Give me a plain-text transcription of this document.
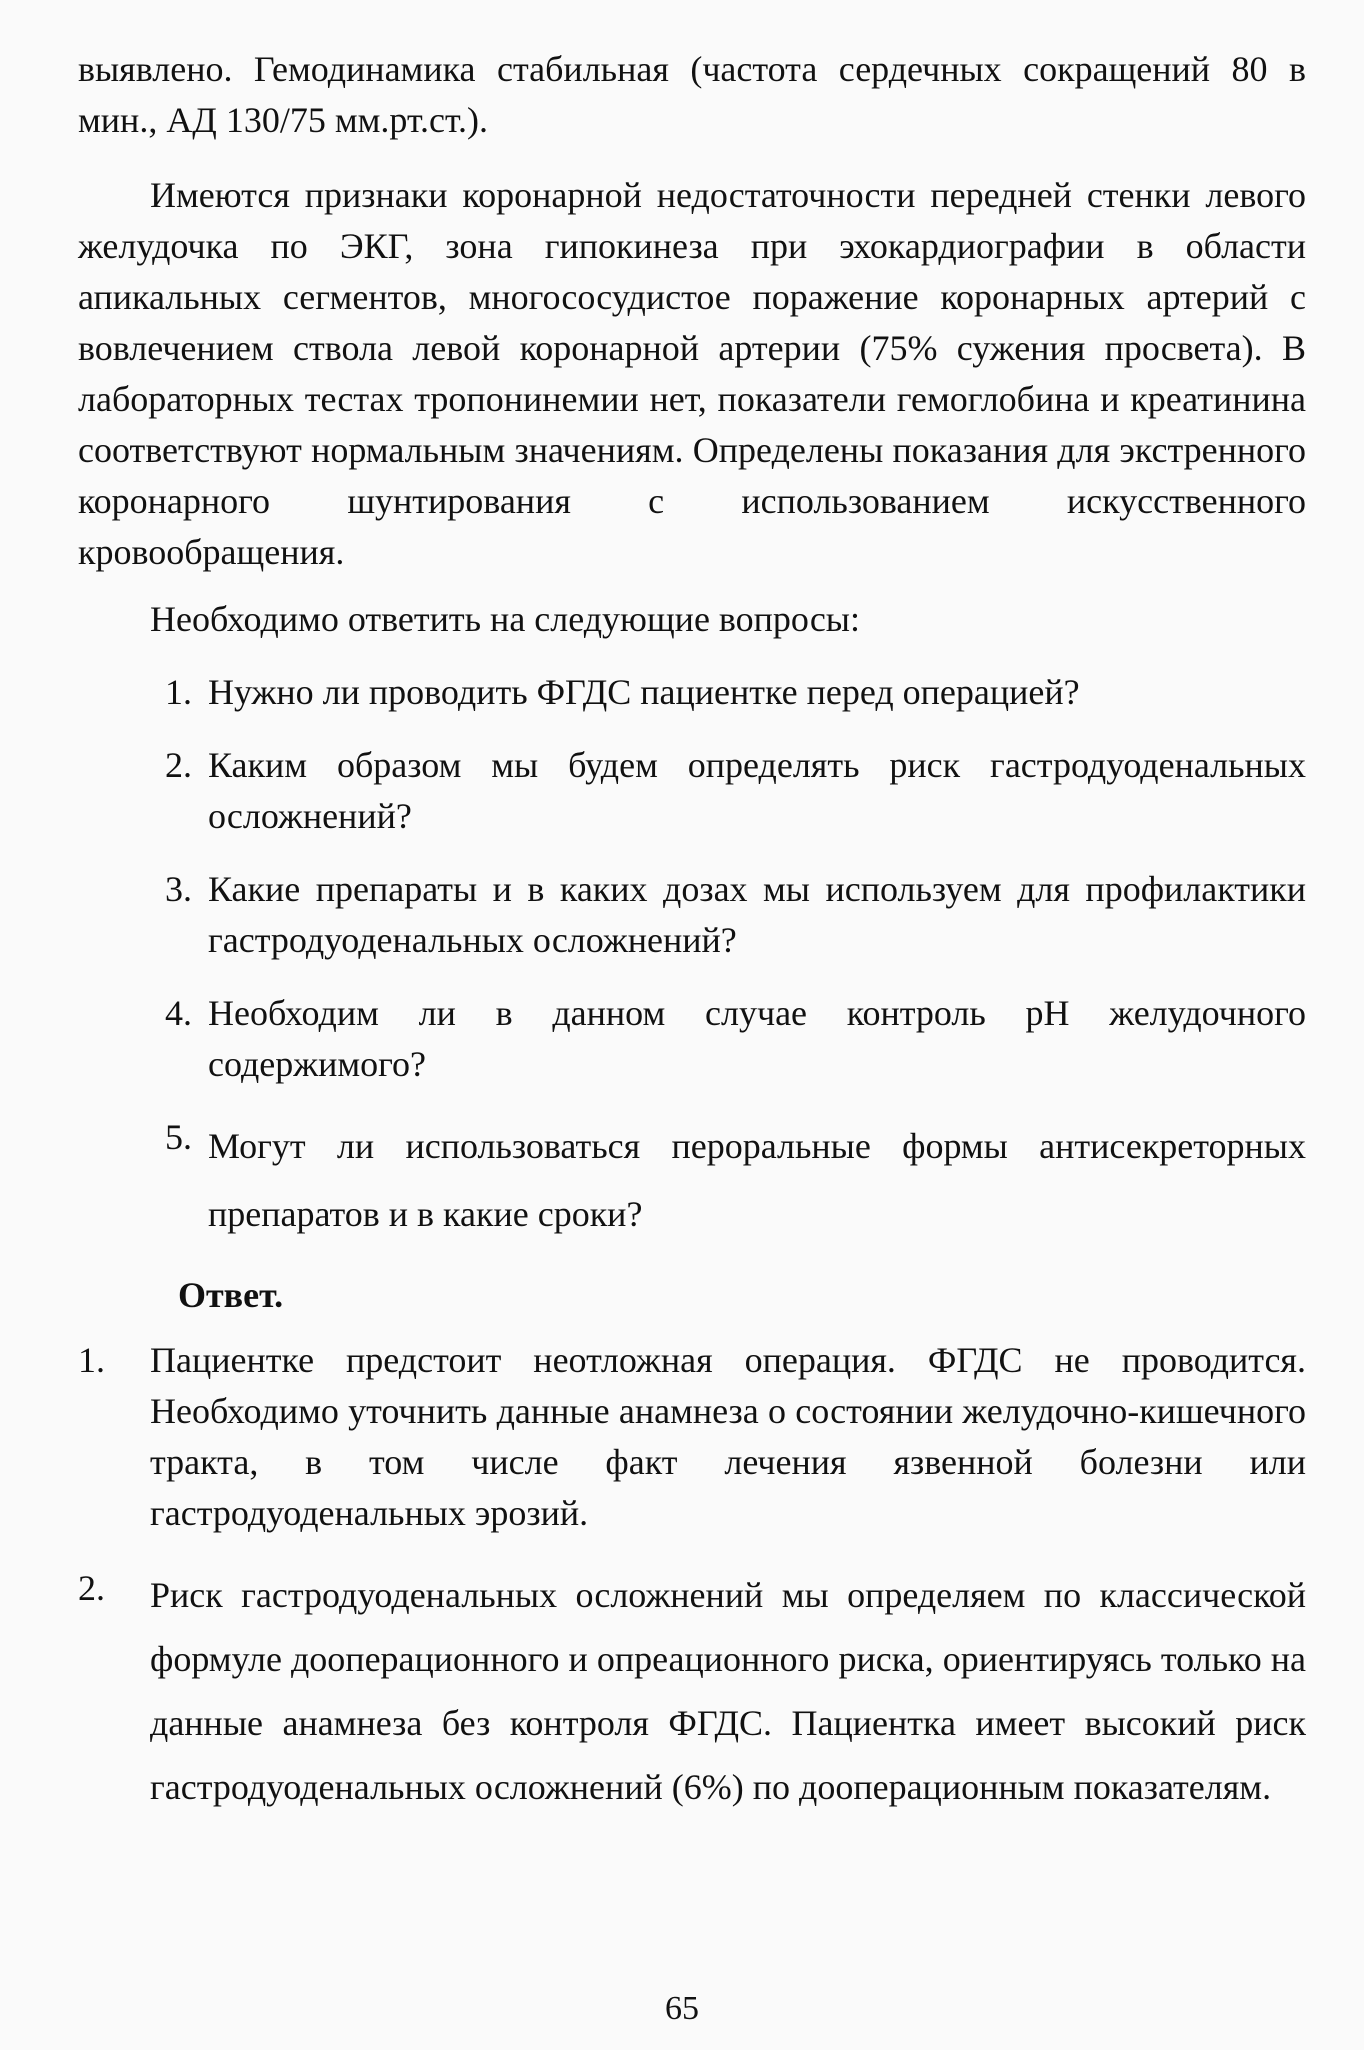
выявлено. Гемодинамика стабильная (частота сердечных сокращений 80 в мин., АД 130/75 мм.рт.ст.).

Имеются признаки коронарной недостаточности передней стенки левого желудочка по ЭКГ, зона гипокинеза при эхокардиографии в области апикальных сегментов, многососудистое поражение коронарных артерий с вовлечением ствола левой коронарной артерии (75% сужения просвета). В лабораторных тестах тропонинемии нет, показатели гемоглобина и креатинина соответствуют нормальным значениям. Определены показания для экстренного коронарного шунтирования с использованием искусственного кровообращения.

Необходимо ответить на следующие вопросы:

1. Нужно ли проводить ФГДС пациентке перед операцией?
2. Каким образом мы будем определять риск гастродуоденальных осложнений?
3. Какие препараты и в каких дозах мы используем для профилактики гастродуоденальных осложнений?
4. Необходим ли в данном случае контроль pH желудочного содержимого?
5. Могут ли использоваться пероральные формы антисекреторных препаратов и в какие сроки?
Ответ.
1.	Пациентке предстоит неотложная операция. ФГДС не проводится. Необходимо уточнить данные анамнеза о состоянии желудочно-кишечного тракта, в том числе факт лечения язвенной болезни или гастродуоденальных эрозий.
2.	Риск гастродуоденальных осложнений мы определяем по классической формуле дооперационного и опреационного риска, ориентируясь только на данные анамнеза без контроля ФГДС. Пациентка имеет высокий риск гастродуоденальных осложнений (6%) по дооперационным показателям.
65
